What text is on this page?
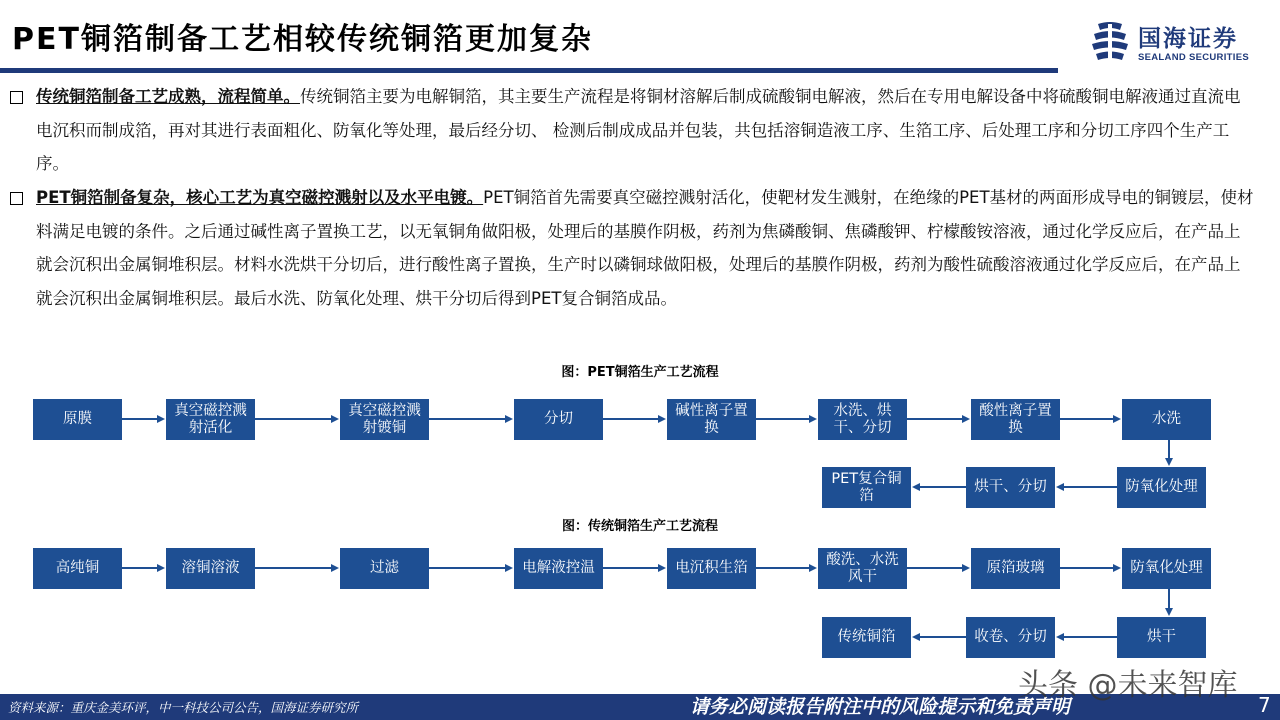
PET铜箔制备工艺相较传统铜箔更加复杂	国海证券
SEALAND SECURITIES
传统铜箔制备工艺成熟，流程简单。传统铜箔主要为电解铜箔，其主要生产流程是将铜材溶解后制成硫酸铜电解液，然后在专用电解设备中将硫酸铜电解液通过直流电电沉积而制成箔，再对其进行表面粗化、防氧化等处理，最后经分切、 检测后制成成品并包装，共包括溶铜造液工序、生箔工序、后处理工序和分切工序四个生产工序。
PET铜箔制备复杂，核心工艺为真空磁控溅射以及水平电镀。PET铜箔首先需要真空磁控溅射活化，使靶材发生溅射，在绝缘的PET基材的两面形成导电的铜镀层，使材料满足电镀的条件。之后通过碱性离子置换工艺，以无氧铜角做阳极，处理后的基膜作阴极，药剂为焦磷酸铜、焦磷酸钾、柠檬酸铵溶液，通过化学反应后，在产品上就会沉积出金属铜堆积层。材料水洗烘干分切后，进行酸性离子置换，生产时以磷铜球做阳极，处理后的基膜作阴极，药剂为酸性硫酸溶液通过化学反应后，在产品上就会沉积出金属铜堆积层。最后水洗、防氧化处理、烘干分切后得到PET复合铜箔成品。
图：PET铜箔生产工艺流程
原膜
真空磁控溅射活化
真空磁控溅射镀铜
分切
碱性离子置换
水洗、烘干、分切
酸性离子置换
水洗
PET复合铜箔
烘干、分切	防氧化处理
图：传统铜箔生产工艺流程
高纯铜	溶铜溶液	过滤	电解液控温	电沉积生箔
酸洗、水洗风干
原箔玻璃	防氧化处理
传统铜箔	收卷、分切	烘干
资料来源：重庆金美环评，中一科技公司公告，国海证券研究所	请务必阅读报告附注中的风险提示和免责声明	7
头条 @未来智库
